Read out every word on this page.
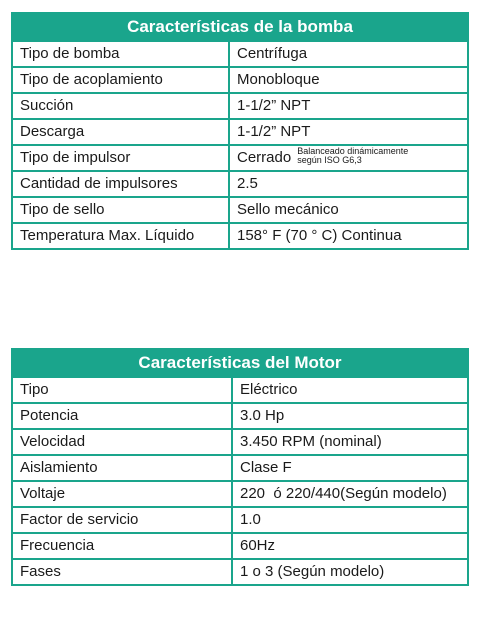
Características de la bomba	
Tipo de bomba	Centrífuga
Tipo de acoplamiento	Monobloque
Succión	1-1/2” NPT
Descarga	1-1/2” NPT
Tipo de impulsor	Cerrado Balanceado dinámicamente
según ISO G6,3

Cantidad de impulsores	2.5
Tipo de sello	Sello mecánico
Temperatura Max. Líquido	158° F (70 ° C) Continua
Características del Motor	
Tipo	Eléctrico
Potencia	3.0 Hp
Velocidad	3.450 RPM (nominal)
Aislamiento	Clase F
Voltaje	220  ó 220/440(Según modelo)
Factor de servicio	1.0
Frecuencia	60Hz
Fases	1 o 3 (Según modelo)
